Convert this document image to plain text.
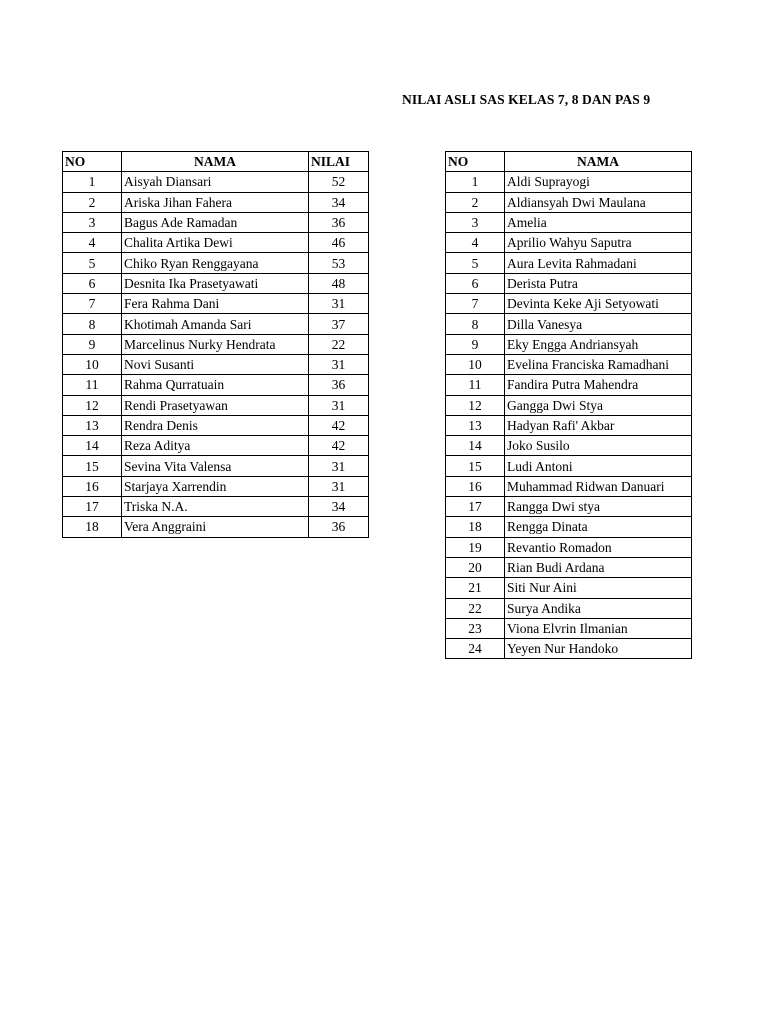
NILAI ASLI SAS KELAS 7, 8 DAN PAS 9
NO	NAMA	NILAI
1	Aisyah Diansari	52
2	Ariska Jihan Fahera	34
3	Bagus Ade Ramadan	36
4	Chalita Artika Dewi	46
5	Chiko Ryan Renggayana	53
6	Desnita Ika Prasetyawati	48
7	Fera Rahma Dani	31
8	Khotimah Amanda Sari	37
9	Marcelinus Nurky Hendrata	22
10	Novi Susanti	31
11	Rahma Qurratuain	36
12	Rendi Prasetyawan	31
13	Rendra Denis	42
14	Reza Aditya	42
15	Sevina Vita Valensa	31
16	Starjaya Xarrendin	31
17	Triska N.A.	34
18	Vera Anggraini	36
NO	NAMA
1	Aldi Suprayogi
2	Aldiansyah Dwi Maulana
3	Amelia
4	Aprilio Wahyu Saputra
5	Aura Levita Rahmadani
6	Derista Putra
7	Devinta Keke Aji Setyowati
8	Dilla Vanesya
9	Eky Engga Andriansyah
10	Evelina Franciska Ramadhani
11	Fandira Putra Mahendra
12	Gangga Dwi Stya
13	Hadyan Rafi' Akbar
14	Joko Susilo
15	Ludi Antoni
16	Muhammad Ridwan Danuari
17	Rangga Dwi stya
18	Rengga Dinata
19	Revantio Romadon
20	Rian Budi Ardana
21	Siti Nur Aini
22	Surya Andika
23	Viona Elvrin Ilmanian
24	Yeyen Nur Handoko
